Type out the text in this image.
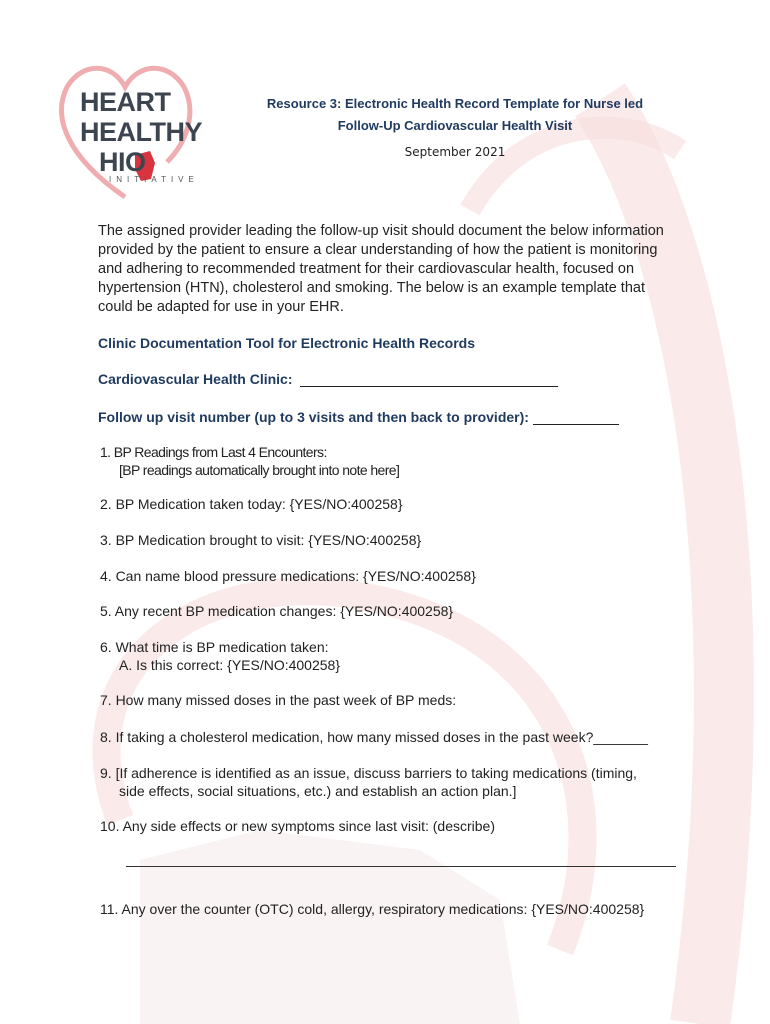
HEART
HEALTHY
HIO
INITIATIVE
Resource 3: Electronic Health Record Template for Nurse led
Follow-Up Cardiovascular Health Visit
September 2021
The assigned provider leading the follow-up visit should document the below information provided by the patient to ensure a clear understanding of how the patient is monitoring and adhering to recommended treatment for their cardiovascular health, focused on hypertension (HTN), cholesterol and smoking. The below is an example template that could be adapted for use in your EHR.
Clinic Documentation Tool for Electronic Health Records
Cardiovascular Health Clinic:
Follow up visit number (up to 3 visits and then back to provider):
1. BP Readings from Last 4 Encounters:
[BP readings automatically brought into note here]
2. BP Medication taken today: {YES/NO:400258}
3. BP Medication brought to visit: {YES/NO:400258}
4. Can name blood pressure medications: {YES/NO:400258}
5. Any recent BP medication changes: {YES/NO:400258}
6. What time is BP medication taken:
A. Is this correct: {YES/NO:400258}
7. How many missed doses in the past week of BP meds:
8. If taking a cholesterol medication, how many missed doses in the past week?_______
9. [If adherence is identified as an issue, discuss barriers to taking medications (timing,
side effects, social situations, etc.) and establish an action plan.]
10. Any side effects or new symptoms since last visit: (describe)
11. Any over the counter (OTC) cold, allergy, respiratory medications: {YES/NO:400258}
